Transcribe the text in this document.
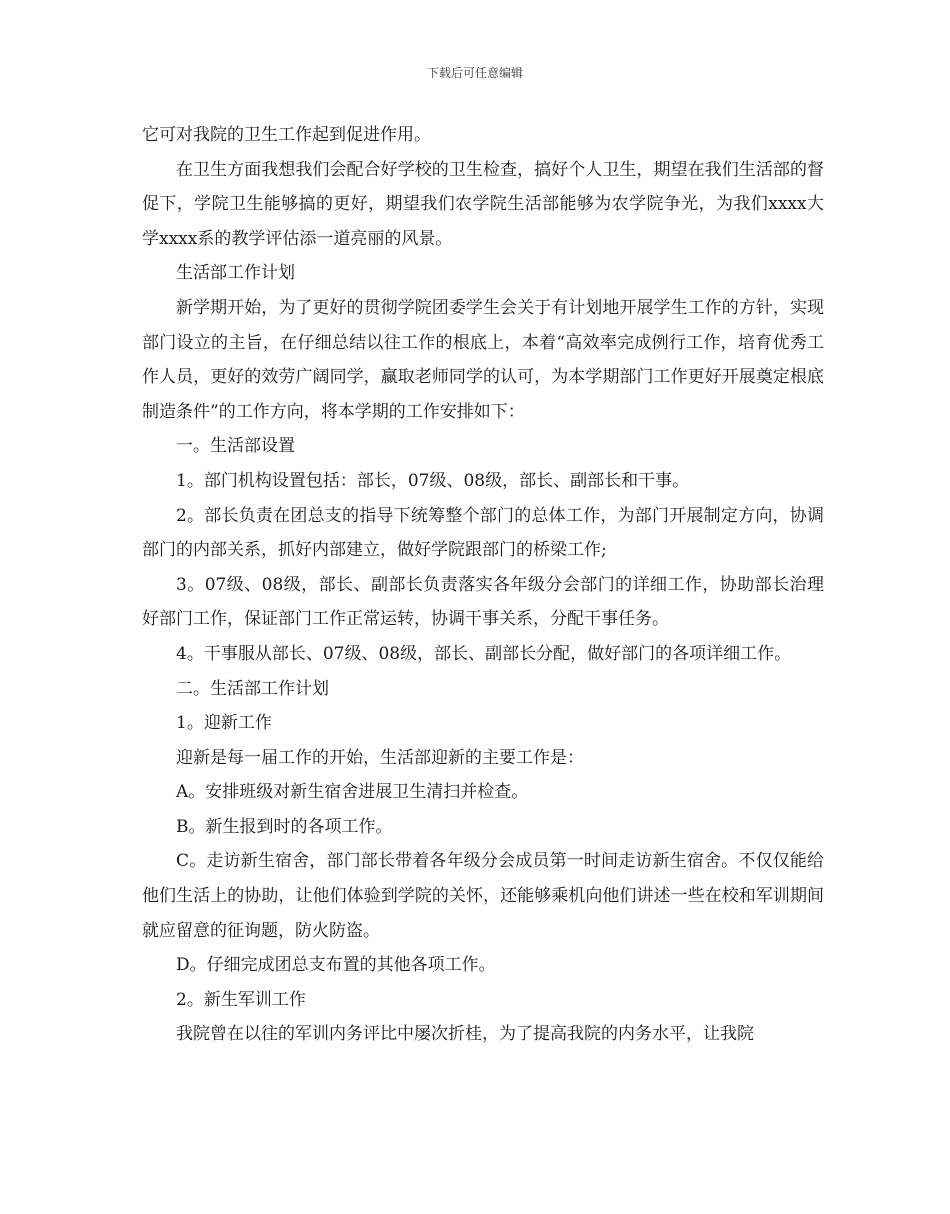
下载后可任意编辑

它可对我院的卫生工作起到促进作用。

在卫生方面我想我们会配合好学校的卫生检查，搞好个人卫生，期望在我们生活部的督促下，学院卫生能够搞的更好，期望我们农学院生活部能够为农学院争光，为我们xxxx大学xxxx系的教学评估添一道亮丽的风景。

生活部工作计划

新学期开始，为了更好的贯彻学院团委学生会关于有计划地开展学生工作的方针，实现部门设立的主旨，在仔细总结以往工作的根底上，本着“高效率完成例行工作，培育优秀工作人员，更好的效劳广阔同学，赢取老师同学的认可，为本学期部门工作更好开展奠定根底制造条件”的工作方向，将本学期的工作安排如下：

一。生活部设置

1。部门机构设置包括：部长，07级、08级，部长、副部长和干事。

2。部长负责在团总支的指导下统筹整个部门的总体工作，为部门开展制定方向，协调部门的内部关系，抓好内部建立，做好学院跟部门的桥梁工作;

3。07级、08级，部长、副部长负责落实各年级分会部门的详细工作，协助部长治理好部门工作，保证部门工作正常运转，协调干事关系，分配干事任务。

4。干事服从部长、07级、08级，部长、副部长分配，做好部门的各项详细工作。

二。生活部工作计划

1。迎新工作

迎新是每一届工作的开始，生活部迎新的主要工作是：

A。安排班级对新生宿舍进展卫生清扫并检查。

B。新生报到时的各项工作。

C。走访新生宿舍，部门部长带着各年级分会成员第一时间走访新生宿舍。不仅仅能给他们生活上的协助，让他们体验到学院的关怀，还能够乘机向他们讲述一些在校和军训期间就应留意的征询题，防火防盗。

D。仔细完成团总支布置的其他各项工作。

2。新生军训工作

我院曾在以往的军训内务评比中屡次折桂，为了提高我院的内务水平，让我院
